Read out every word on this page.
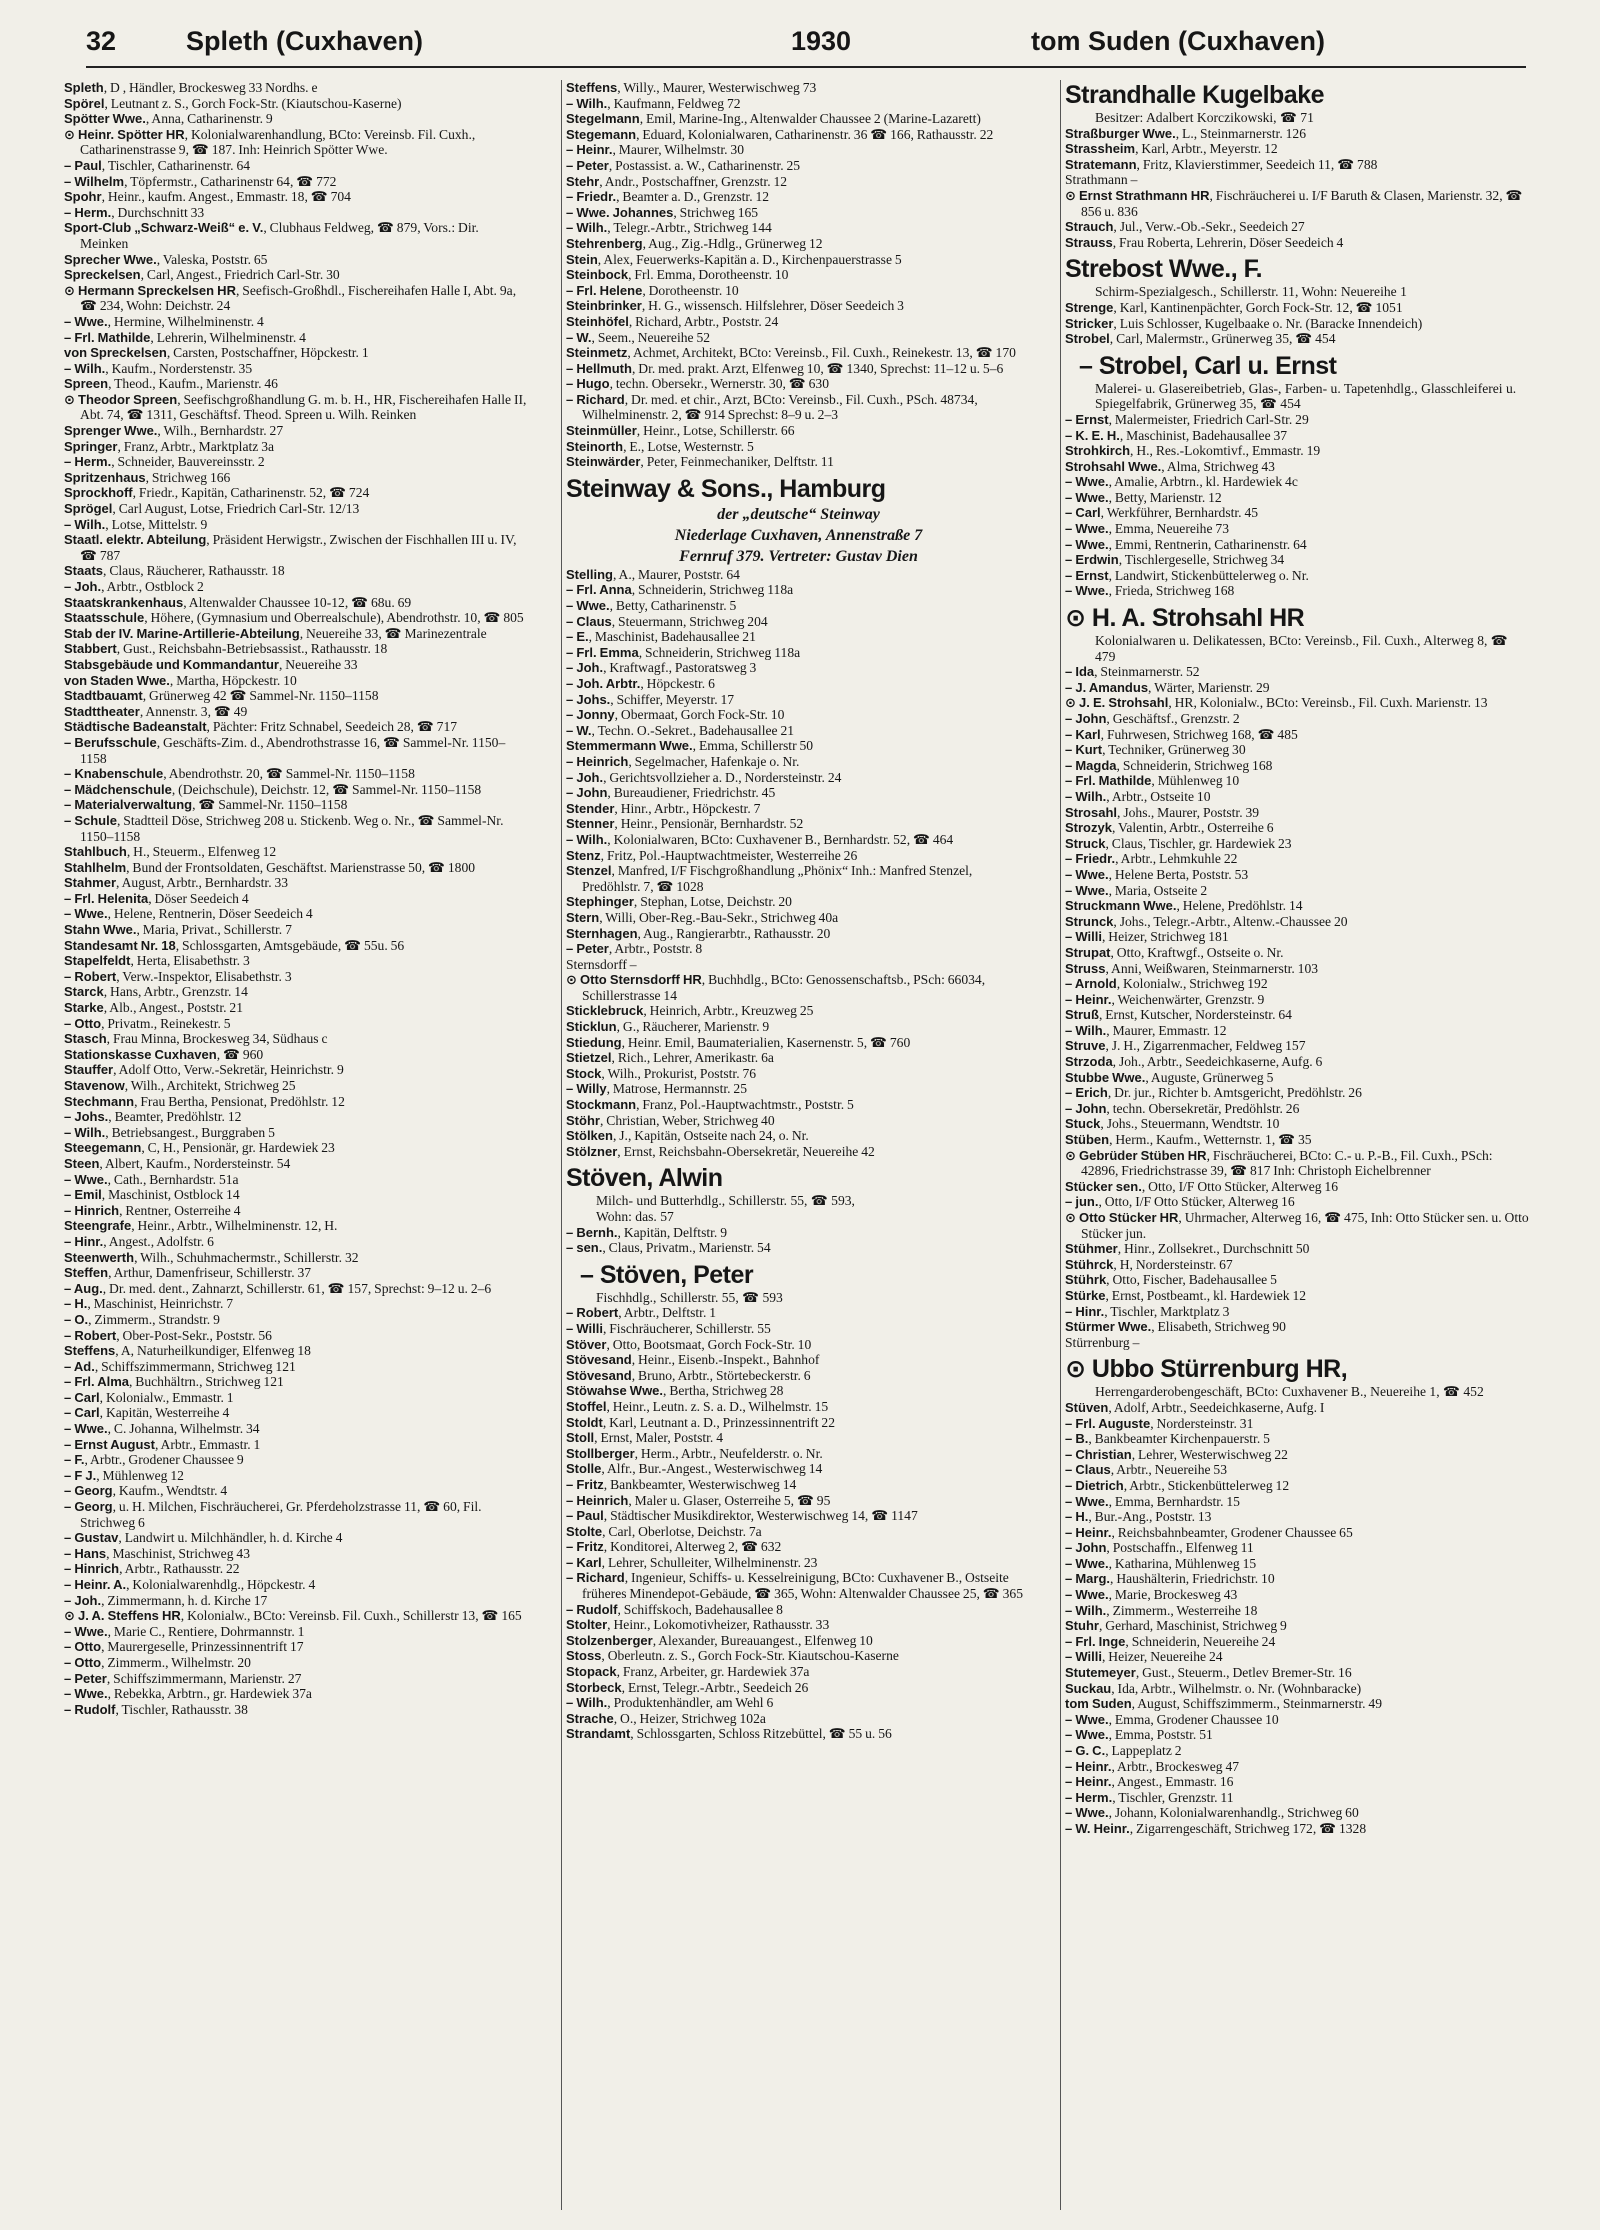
32	Spleth (Cuxhaven)	1930	tom Suden (Cuxhaven)

Spleth, D , Händler, Brockesweg 33 Nordhs. e

Spörel, Leutnant z. S., Gorch Fock-Str. (Kiautschou-Kaserne)

Spötter Wwe., Anna, Catharinenstr. 9

⊙ Heinr. Spötter HR, Kolonialwarenhandlung, BCto: Vereinsb. Fil. Cuxh., Catharinenstrasse 9, ☎ 187. Inh: Heinrich Spötter Wwe.

– Paul, Tischler, Catharinenstr. 64

– Wilhelm, Töpfermstr., Catharinenstr 64, ☎ 772

Spohr, Heinr., kaufm. Angest., Emmastr. 18, ☎ 704

– Herm., Durchschnitt 33

Sport-Club „Schwarz-Weiß“ e. V., Clubhaus Feldweg, ☎ 879, Vors.: Dir. Meinken

Sprecher Wwe., Valeska, Poststr. 65

Spreckelsen, Carl, Angest., Friedrich Carl-Str. 30

⊙ Hermann Spreckelsen HR, Seefisch-Großhdl., Fischereihafen Halle I, Abt. 9a, ☎ 234, Wohn: Deichstr. 24

– Wwe., Hermine, Wilhelminenstr. 4

– Frl. Mathilde, Lehrerin, Wilhelminenstr. 4

von Spreckelsen, Carsten, Postschaffner, Höpckestr. 1

– Wilh., Kaufm., Norderstenstr. 35

Spreen, Theod., Kaufm., Marienstr. 46

⊙ Theodor Spreen, Seefischgroßhandlung G. m. b. H., HR, Fischereihafen Halle II, Abt. 74, ☎ 1311, Geschäftsf. Theod. Spreen u. Wilh. Reinken

Sprenger Wwe., Wilh., Bernhardstr. 27

Springer, Franz, Arbtr., Marktplatz 3a

– Herm., Schneider, Bauvereinsstr. 2

Spritzenhaus, Strichweg 166

Sprockhoff, Friedr., Kapitän, Catharinenstr. 52, ☎ 724

Sprögel, Carl August, Lotse, Friedrich Carl-Str. 12/13

– Wilh., Lotse, Mittelstr. 9

Staatl. elektr. Abteilung, Präsident Herwigstr., Zwischen der Fischhallen III u. IV, ☎ 787

Staats, Claus, Räucherer, Rathausstr. 18

– Joh., Arbtr., Ostblock 2

Staatskrankenhaus, Altenwalder Chaussee 10-12, ☎ 68u. 69

Staatsschule, Höhere, (Gymnasium und Oberrealschule), Abendrothstr. 10, ☎ 805

Stab der IV. Marine-Artillerie-Abteilung, Neuereihe 33, ☎ Marinezentrale

Stabbert, Gust., Reichsbahn-Betriebsassist., Rathausstr. 18

Stabsgebäude und Kommandantur, Neuereihe 33

von Staden Wwe., Martha, Höpckestr. 10

Stadtbauamt, Grünerweg 42 ☎ Sammel-Nr. 1150–1158

Stadttheater, Annenstr. 3, ☎ 49

Städtische Badeanstalt, Pächter: Fritz Schnabel, Seedeich 28, ☎ 717

– Berufsschule, Geschäfts-Zim. d., Abendrothstrasse 16, ☎ Sammel-Nr. 1150–1158

– Knabenschule, Abendrothstr. 20, ☎ Sammel-Nr. 1150–1158

– Mädchenschule, (Deichschule), Deichstr. 12, ☎ Sammel-Nr. 1150–1158

– Materialverwaltung, ☎ Sammel-Nr. 1150–1158

– Schule, Stadtteil Döse, Strichweg 208 u. Stickenb. Weg o. Nr., ☎ Sammel-Nr. 1150–1158

Stahlbuch, H., Steuerm., Elfenweg 12

Stahlhelm, Bund der Frontsoldaten, Geschäftst. Marienstrasse 50, ☎ 1800

Stahmer, August, Arbtr., Bernhardstr. 33

– Frl. Helenita, Döser Seedeich 4

– Wwe., Helene, Rentnerin, Döser Seedeich 4

Stahn Wwe., Maria, Privat., Schillerstr. 7

Standesamt Nr. 18, Schlossgarten, Amtsgebäude, ☎ 55u. 56

Stapelfeldt, Herta, Elisabethstr. 3

– Robert, Verw.-Inspektor, Elisabethstr. 3

Starck, Hans, Arbtr., Grenzstr. 14

Starke, Alb., Angest., Poststr. 21

– Otto, Privatm., Reinekestr. 5

Stasch, Frau Minna, Brockesweg 34, Südhaus c

Stationskasse Cuxhaven, ☎ 960

Stauffer, Adolf Otto, Verw.-Sekretär, Heinrichstr. 9

Stavenow, Wilh., Architekt, Strichweg 25

Stechmann, Frau Bertha, Pensionat, Predöhlstr. 12

– Johs., Beamter, Predöhlstr. 12

– Wilh., Betriebsangest., Burggraben 5

Steegemann, C, H., Pensionär, gr. Hardewiek 23

Steen, Albert, Kaufm., Nordersteinstr. 54

– Wwe., Cath., Bernhardstr. 51a

– Emil, Maschinist, Ostblock 14

– Hinrich, Rentner, Osterreihe 4

Steengrafe, Heinr., Arbtr., Wilhelminenstr. 12, H.

– Hinr., Angest., Adolfstr. 6

Steenwerth, Wilh., Schuhmachermstr., Schillerstr. 32

Steffen, Arthur, Damenfriseur, Schillerstr. 37

– Aug., Dr. med. dent., Zahnarzt, Schillerstr. 61, ☎ 157, Sprechst: 9–12 u. 2–6

– H., Maschinist, Heinrichstr. 7

– O., Zimmerm., Strandstr. 9

– Robert, Ober-Post-Sekr., Poststr. 56

Steffens, A, Naturheilkundiger, Elfenweg 18

– Ad., Schiffszimmermann, Strichweg 121

– Frl. Alma, Buchhältrn., Strichweg 121

– Carl, Kolonialw., Emmastr. 1

– Carl, Kapitän, Westerreihe 4

– Wwe., C. Johanna, Wilhelmstr. 34

– Ernst August, Arbtr., Emmastr. 1

– F., Arbtr., Grodener Chaussee 9

– F J., Mühlenweg 12

– Georg, Kaufm., Wendtstr. 4

– Georg, u. H. Milchen, Fischräucherei, Gr. Pferdeholzstrasse 11, ☎ 60, Fil. Strichweg 6

– Gustav, Landwirt u. Milchhändler, h. d. Kirche 4

– Hans, Maschinist, Strichweg 43

– Hinrich, Arbtr., Rathausstr. 22

– Heinr. A., Kolonialwarenhdlg., Höpckestr. 4

– Joh., Zimmermann, h. d. Kirche 17

⊙ J. A. Steffens HR, Kolonialw., BCto: Vereinsb. Fil. Cuxh., Schillerstr 13, ☎ 165

– Wwe., Marie C., Rentiere, Dohrmannstr. 1

– Otto, Maurergeselle, Prinzessinnentrift 17

– Otto, Zimmerm., Wilhelmstr. 20

– Peter, Schiffszimmermann, Marienstr. 27

– Wwe., Rebekka, Arbtrn., gr. Hardewiek 37a

– Rudolf, Tischler, Rathausstr. 38

Steffens, Willy., Maurer, Westerwischweg 73

– Wilh., Kaufmann, Feldweg 72

Stegelmann, Emil, Marine-Ing., Altenwalder Chaussee 2 (Marine-Lazarett)

Stegemann, Eduard, Kolonialwaren, Catharinenstr. 36 ☎ 166, Rathausstr. 22

– Heinr., Maurer, Wilhelmstr. 30

– Peter, Postassist. a. W., Catharinenstr. 25

Stehr, Andr., Postschaffner, Grenzstr. 12

– Friedr., Beamter a. D., Grenzstr. 12

– Wwe. Johannes, Strichweg 165

– Wilh., Telegr.-Arbtr., Strichweg 144

Stehrenberg, Aug., Zig.-Hdlg., Grünerweg 12

Stein, Alex, Feuerwerks-Kapitän a. D., Kirchenpauerstrasse 5

Steinbock, Frl. Emma, Dorotheenstr. 10

– Frl. Helene, Dorotheenstr. 10

Steinbrinker, H. G., wissensch. Hilfslehrer, Döser Seedeich 3

Steinhöfel, Richard, Arbtr., Poststr. 24

– W., Seem., Neuereihe 52

Steinmetz, Achmet, Architekt, BCto: Vereinsb., Fil. Cuxh., Reinekestr. 13, ☎ 170

– Hellmuth, Dr. med. prakt. Arzt, Elfenweg 10, ☎ 1340, Sprechst: 11–12 u. 5–6

– Hugo, techn. Obersekr., Wernerstr. 30, ☎ 630

– Richard, Dr. med. et chir., Arzt, BCto: Vereinsb., Fil. Cuxh., PSch. 48734, Wilhelminenstr. 2, ☎ 914 Sprechst: 8–9 u. 2–3

Steinmüller, Heinr., Lotse, Schillerstr. 66

Steinorth, E., Lotse, Westernstr. 5

Steinwärder, Peter, Feinmechaniker, Delftstr. 11

Steinway & Sons., Hamburg

der „deutsche“ Steinway

Niederlage Cuxhaven, Annenstraße 7

Fernruf 379. Vertreter: Gustav Dien

Stelling, A., Maurer, Poststr. 64

– Frl. Anna, Schneiderin, Strichweg 118a

– Wwe., Betty, Catharinenstr. 5

– Claus, Steuermann, Strichweg 204

– E., Maschinist, Badehausallee 21

– Frl. Emma, Schneiderin, Strichweg 118a

– Joh., Kraftwagf., Pastoratsweg 3

– Joh. Arbtr., Höpckestr. 6

– Johs., Schiffer, Meyerstr. 17

– Jonny, Obermaat, Gorch Fock-Str. 10

– W., Techn. O.-Sekret., Badehausallee 21

Stemmermann Wwe., Emma, Schillerstr 50

– Heinrich, Segelmacher, Hafenkaje o. Nr.

– Joh., Gerichtsvollzieher a. D., Nordersteinstr. 24

– John, Bureaudiener, Friedrichstr. 45

Stender, Hinr., Arbtr., Höpckestr. 7

Stenner, Heinr., Pensionär, Bernhardstr. 52

– Wilh., Kolonialwaren, BCto: Cuxhavener B., Bernhardstr. 52, ☎ 464

Stenz, Fritz, Pol.-Hauptwachtmeister, Westerreihe 26

Stenzel, Manfred, I/F Fischgroßhandlung „Phönix“ Inh.: Manfred Stenzel, Predöhlstr. 7, ☎ 1028

Stephinger, Stephan, Lotse, Deichstr. 20

Stern, Willi, Ober-Reg.-Bau-Sekr., Strichweg 40a

Sternhagen, Aug., Rangierarbtr., Rathausstr. 20

– Peter, Arbtr., Poststr. 8

Sternsdorff –

⊙ Otto Sternsdorff HR, Buchhdlg., BCto: Genossenschaftsb., PSch: 66034, Schillerstrasse 14

Sticklebruck, Heinrich, Arbtr., Kreuzweg 25

Sticklun, G., Räucherer, Marienstr. 9

Stiedung, Heinr. Emil, Baumaterialien, Kasernenstr. 5, ☎ 760

Stietzel, Rich., Lehrer, Amerikastr. 6a

Stock, Wilh., Prokurist, Poststr. 76

– Willy, Matrose, Hermannstr. 25

Stockmann, Franz, Pol.-Hauptwachtmstr., Poststr. 5

Stöhr, Christian, Weber, Strichweg 40

Stölken, J., Kapitän, Ostseite nach 24, o. Nr.

Stölzner, Ernst, Reichsbahn-Obersekretär, Neuereihe 42

Stöven, Alwin

Milch- und Butterhdlg., Schillerstr. 55, ☎ 593,

Wohn: das. 57

– Bernh., Kapitän, Delftstr. 9

– sen., Claus, Privatm., Marienstr. 54

– Stöven, Peter

Fischhdlg., Schillerstr. 55, ☎ 593

– Robert, Arbtr., Delftstr. 1

– Willi, Fischräucherer, Schillerstr. 55

Stöver, Otto, Bootsmaat, Gorch Fock-Str. 10

Stövesand, Heinr., Eisenb.-Inspekt., Bahnhof

Stövesand, Bruno, Arbtr., Störtebeckerstr. 6

Stöwahse Wwe., Bertha, Strichweg 28

Stoffel, Heinr., Leutn. z. S. a. D., Wilhelmstr. 15

Stoldt, Karl, Leutnant a. D., Prinzessinnentrift 22

Stoll, Ernst, Maler, Poststr. 4

Stollberger, Herm., Arbtr., Neufelderstr. o. Nr.

Stolle, Alfr., Bur.-Angest., Westerwischweg 14

– Fritz, Bankbeamter, Westerwischweg 14

– Heinrich, Maler u. Glaser, Osterreihe 5, ☎ 95

– Paul, Städtischer Musikdirektor, Westerwischweg 14, ☎ 1147

Stolte, Carl, Oberlotse, Deichstr. 7a

– Fritz, Konditorei, Alterweg 2, ☎ 632

– Karl, Lehrer, Schulleiter, Wilhelminenstr. 23

– Richard, Ingenieur, Schiffs- u. Kesselreinigung, BCto: Cuxhavener B., Ostseite früheres Minendepot-Gebäude, ☎ 365, Wohn: Altenwalder Chaussee 25, ☎ 365

– Rudolf, Schiffskoch, Badehausallee 8

Stolter, Heinr., Lokomotivheizer, Rathausstr. 33

Stolzenberger, Alexander, Bureauangest., Elfenweg 10

Stoss, Oberleutn. z. S., Gorch Fock-Str. Kiautschou-Kaserne

Stopack, Franz, Arbeiter, gr. Hardewiek 37a

Storbeck, Ernst, Telegr.-Arbtr., Seedeich 26

– Wilh., Produktenhändler, am Wehl 6

Strache, O., Heizer, Strichweg 102a

Strandamt, Schlossgarten, Schloss Ritzebüttel, ☎ 55 u. 56

Strandhalle Kugelbake

Besitzer: Adalbert Korczikowski, ☎ 71

Straßburger Wwe., L., Steinmarnerstr. 126

Strassheim, Karl, Arbtr., Meyerstr. 12

Stratemann, Fritz, Klavierstimmer, Seedeich 11, ☎ 788

Strathmann –

⊙ Ernst Strathmann HR, Fischräucherei u. I/F Baruth & Clasen, Marienstr. 32, ☎ 856 u. 836

Strauch, Jul., Verw.-Ob.-Sekr., Seedeich 27

Strauss, Frau Roberta, Lehrerin, Döser Seedeich 4

Strebost Wwe., F.

Schirm-Spezialgesch., Schillerstr. 11, Wohn: Neuereihe 1

Strenge, Karl, Kantinenpächter, Gorch Fock-Str. 12, ☎ 1051

Stricker, Luis Schlosser, Kugelbaake o. Nr. (Baracke Innendeich)

Strobel, Carl, Malermstr., Grünerweg 35, ☎ 454

– Strobel, Carl u. Ernst

Malerei- u. Glasereibetrieb, Glas-, Farben- u. Tapetenhdlg., Glasschleiferei u. Spiegelfabrik, Grünerweg 35, ☎ 454

– Ernst, Malermeister, Friedrich Carl-Str. 29

– K. E. H., Maschinist, Badehausallee 37

Strohkirch, H., Res.-Lokomtivf., Emmastr. 19

Strohsahl Wwe., Alma, Strichweg 43

– Wwe., Amalie, Arbtrn., kl. Hardewiek 4c

– Wwe., Betty, Marienstr. 12

– Carl, Werkführer, Bernhardstr. 45

– Wwe., Emma, Neuereihe 73

– Wwe., Emmi, Rentnerin, Catharinenstr. 64

– Erdwin, Tischlergeselle, Strichweg 34

– Ernst, Landwirt, Stickenbüttelerweg o. Nr.

– Wwe., Frieda, Strichweg 168

⊙ H. A. Strohsahl HR

Kolonialwaren u. Delikatessen, BCto: Vereinsb., Fil. Cuxh., Alterweg 8, ☎ 479

– Ida, Steinmarnerstr. 52

– J. Amandus, Wärter, Marienstr. 29

⊙ J. E. Strohsahl, HR, Kolonialw., BCto: Vereinsb., Fil. Cuxh. Marienstr. 13

– John, Geschäftsf., Grenzstr. 2

– Karl, Fuhrwesen, Strichweg 168, ☎ 485

– Kurt, Techniker, Grünerweg 30

– Magda, Schneiderin, Strichweg 168

– Frl. Mathilde, Mühlenweg 10

– Wilh., Arbtr., Ostseite 10

Strosahl, Johs., Maurer, Poststr. 39

Strozyk, Valentin, Arbtr., Osterreihe 6

Struck, Claus, Tischler, gr. Hardewiek 23

– Friedr., Arbtr., Lehmkuhle 22

– Wwe., Helene Berta, Poststr. 53

– Wwe., Maria, Ostseite 2

Struckmann Wwe., Helene, Predöhlstr. 14

Strunck, Johs., Telegr.-Arbtr., Altenw.-Chaussee 20

– Willi, Heizer, Strichweg 181

Strupat, Otto, Kraftwgf., Ostseite o. Nr.

Struss, Anni, Weißwaren, Steinmarnerstr. 103

– Arnold, Kolonialw., Strichweg 192

– Heinr., Weichenwärter, Grenzstr. 9

Struß, Ernst, Kutscher, Nordersteinstr. 64

– Wilh., Maurer, Emmastr. 12

Struve, J. H., Zigarrenmacher, Feldweg 157

Strzoda, Joh., Arbtr., Seedeichkaserne, Aufg. 6

Stubbe Wwe., Auguste, Grünerweg 5

– Erich, Dr. jur., Richter b. Amtsgericht, Predöhlstr. 26

– John, techn. Obersekretär, Predöhlstr. 26

Stuck, Johs., Steuermann, Wendtstr. 10

Stüben, Herm., Kaufm., Wetternstr. 1, ☎ 35

⊙ Gebrüder Stüben HR, Fischräucherei, BCto: C.- u. P.-B., Fil. Cuxh., PSch: 42896, Friedrichstrasse 39, ☎ 817 Inh: Christoph Eichelbrenner

Stücker sen., Otto, I/F Otto Stücker, Alterweg 16

– jun., Otto, I/F Otto Stücker, Alterweg 16

⊙ Otto Stücker HR, Uhrmacher, Alterweg 16, ☎ 475, Inh: Otto Stücker sen. u. Otto Stücker jun.

Stühmer, Hinr., Zollsekret., Durchschnitt 50

Stührck, H, Nordersteinstr. 67

Stührk, Otto, Fischer, Badehausallee 5

Stürke, Ernst, Postbeamt., kl. Hardewiek 12

– Hinr., Tischler, Marktplatz 3

Stürmer Wwe., Elisabeth, Strichweg 90

Stürrenburg –

⊙ Ubbo Stürrenburg HR,

Herrengarderobengeschäft, BCto: Cuxhavener B., Neuereihe 1, ☎ 452

Stüven, Adolf, Arbtr., Seedeichkaserne, Aufg. I

– Frl. Auguste, Nordersteinstr. 31

– B., Bankbeamter Kirchenpauerstr. 5

– Christian, Lehrer, Westerwischweg 22

– Claus, Arbtr., Neuereihe 53

– Dietrich, Arbtr., Stickenbüttelerweg 12

– Wwe., Emma, Bernhardstr. 15

– H., Bur.-Ang., Poststr. 13

– Heinr., Reichsbahnbeamter, Grodener Chaussee 65

– John, Postschaffn., Elfenweg 11

– Wwe., Katharina, Mühlenweg 15

– Marg., Haushälterin, Friedrichstr. 10

– Wwe., Marie, Brockesweg 43

– Wilh., Zimmerm., Westerreihe 18

Stuhr, Gerhard, Maschinist, Strichweg 9

– Frl. Inge, Schneiderin, Neuereihe 24

– Willi, Heizer, Neuereihe 24

Stutemeyer, Gust., Steuerm., Detlev Bremer-Str. 16

Suckau, Ida, Arbtr., Wilhelmstr. o. Nr. (Wohnbaracke)

tom Suden, August, Schiffszimmerm., Steinmarnerstr. 49

– Wwe., Emma, Grodener Chaussee 10

– Wwe., Emma, Poststr. 51

– G. C., Lappeplatz 2

– Heinr., Arbtr., Brockesweg 47

– Heinr., Angest., Emmastr. 16

– Herm., Tischler, Grenzstr. 11

– Wwe., Johann, Kolonialwarenhandlg., Strichweg 60

– W. Heinr., Zigarrengeschäft, Strichweg 172, ☎ 1328
